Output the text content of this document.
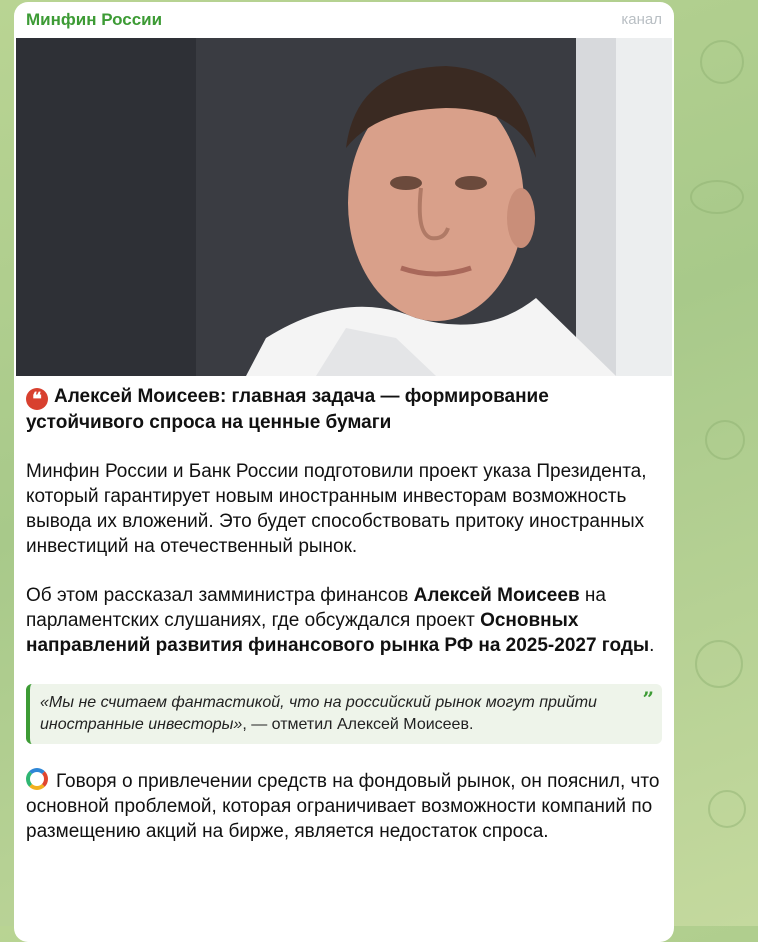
Минфин России	канал

❝ Алексей Моисеев: главная задача — формирование устойчивого спроса на ценные бумаги

Минфин России и Банк России подготовили проект указа Президента, который гарантирует новым иностранным инвесторам возможность вывода их вложений. Это будет способствовать притоку иностранных инвестиций на отечественный рынок.

Об этом рассказал замминистра финансов Алексей Моисеев на парламентских слушаниях, где обсуждался проект Основных направлений развития финансового рынка РФ на 2025-2027 годы.

«Мы не считаем фантастикой, что на российский рынок могут прийти иностранные инвесторы», — отметил Алексей Моисеев.
”

Говоря о привлечении средств на фондовый рынок, он пояснил, что основной проблемой, которая ограничивает возможности компаний по размещению акций на бирже, является недостаток спроса.
